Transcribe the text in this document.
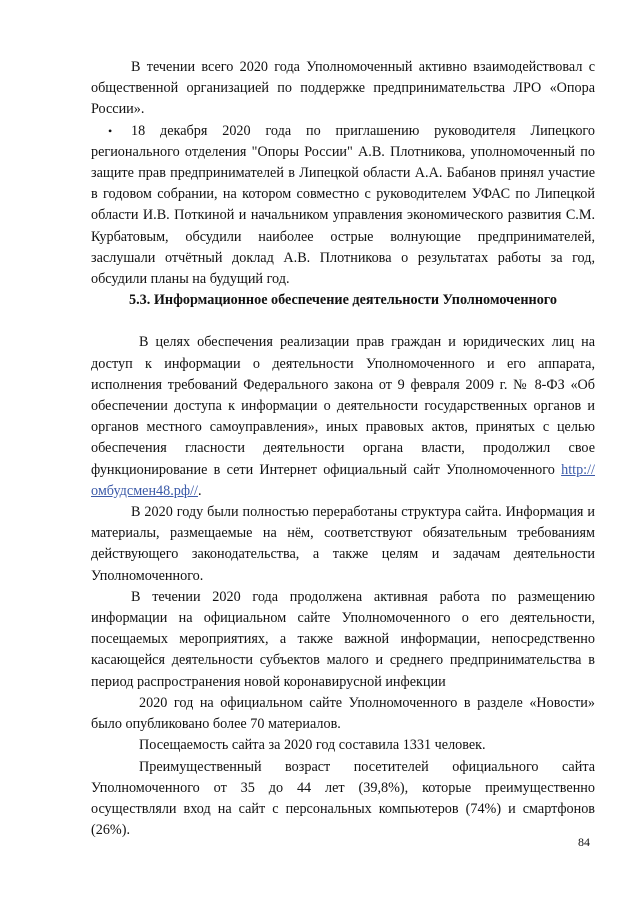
В течении всего 2020 года Уполномоченный активно взаимодействовал с общественной организацией по поддержке предпринимательства ЛРО «Опора России».

•	18 декабря 2020 года по приглашению руководителя Липецкого регионального отделения "Опоры России" А.В. Плотникова, уполномоченный по защите прав предпринимателей в Липецкой области А.А. Бабанов принял участие в годовом собрании, на котором совместно с руководителем УФАС по Липецкой области И.В. Поткиной и начальником управления экономического развития С.М. Курбатовым, обсудили наиболее острые волнующие предпринимателей, заслушали отчётный доклад А.В. Плотникова о результатах работы за год, обсудили планы на будущий год.

5.3. Информационное обеспечение деятельности Уполномоченного

В целях обеспечения реализации прав граждан и юридических лиц на доступ к информации о деятельности Уполномоченного и его аппарата, исполнения требований Федерального закона от 9 февраля 2009 г. № 8-ФЗ «Об обеспечении доступа к информации о деятельности государственных органов и органов местного самоуправления», иных правовых актов, принятых с целью обеспечения гласности деятельности органа власти, продолжил свое функционирование в сети Интернет официальный сайт Уполномоченного http://омбудсмен48.рф//.

В 2020 году были полностью переработаны структура сайта. Информация и материалы, размещаемые на нём, соответствуют обязательным требованиям действующего законодательства, а также целям и задачам деятельности Уполномоченного.

В течении 2020 года продолжена активная работа по размещению информации на официальном сайте Уполномоченного о его деятельности, посещаемых мероприятиях, а также важной информации, непосредственно касающейся деятельности субъектов малого и среднего предпринимательства в период распространения новой коронавирусной инфекции

2020 год на официальном сайте Уполномоченного в разделе «Новости» было опубликовано более 70 материалов.

Посещаемость сайта за 2020 год составила 1331 человек.

Преимущественный возраст посетителей официального сайта Уполномоченного от 35 до 44 лет (39,8%), которые преимущественно осуществляли вход на сайт с персональных компьютеров (74%) и смартфонов (26%).

84
